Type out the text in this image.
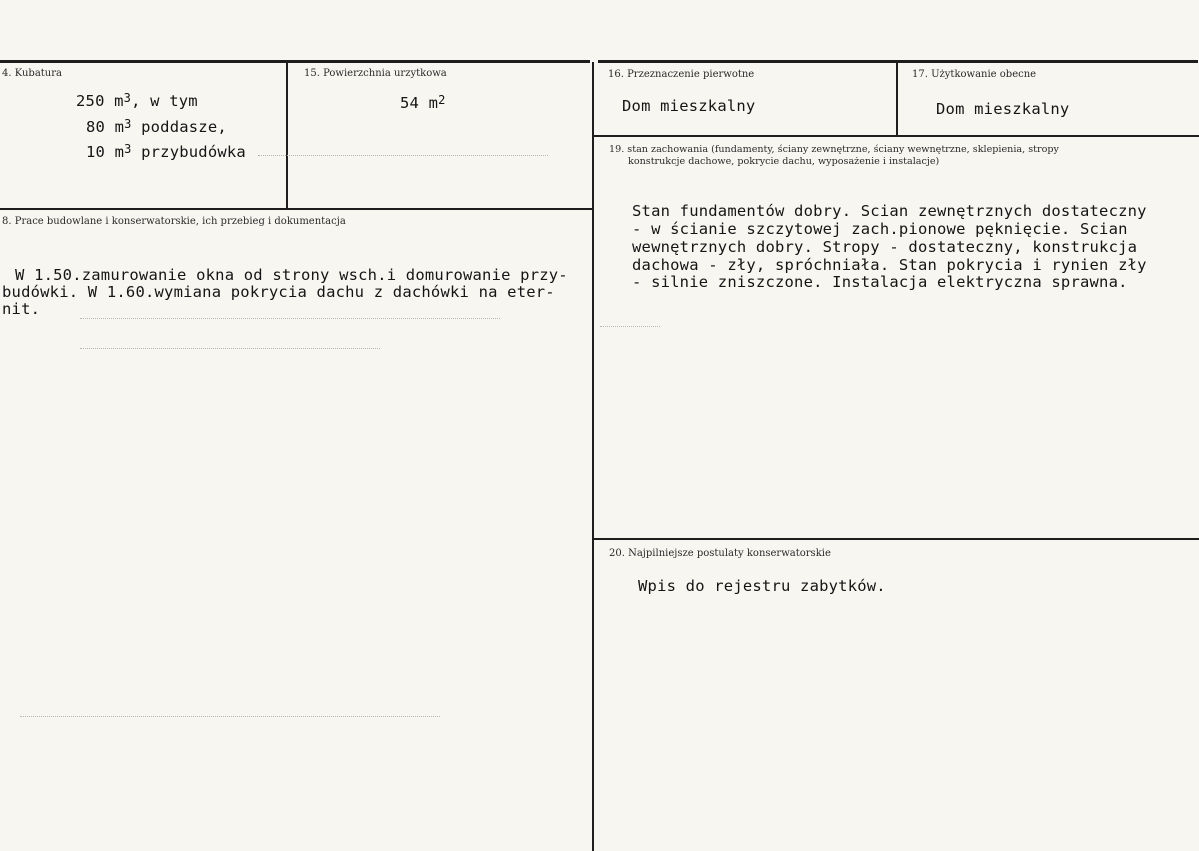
4. Kubatura
250 $m^3$, w tym
80 $m^3$ poddasze,
10 $m^3$ przybudówka
15. Powierzchnia urzytkowa
54 $m^2$
16. Przeznaczenie pierwotne
Dom mieszkalny
17. Użytkowanie obecne
Dom mieszkalny
8. Prace budowlane i konserwatorskie, ich przebieg i dokumentacja
W 1.50.zamurowanie okna od strony wsch.i domurowanie przy-
budówki. W 1.60.wymiana pokrycia dachu z dachówki na eter-
nit.
19. stan zachowania (fundamenty, ściany zewnętrzne, ściany wewnętrzne, sklepienia, stropy
konstrukcje dachowe, pokrycie dachu, wyposażenie i instalacje)
Stan fundamentów dobry. Scian zewnętrznych dostateczny
- w ścianie szczytowej zach.pionowe pęknięcie. Scian
wewnętrznych dobry. Stropy - dostateczny, konstrukcja
dachowa - zły, spróchniała. Stan pokrycia i rynien zły
- silnie zniszczone. Instalacja elektryczna sprawna.
20. Najpilniejsze postulaty konserwatorskie
Wpis do rejestru zabytków.
